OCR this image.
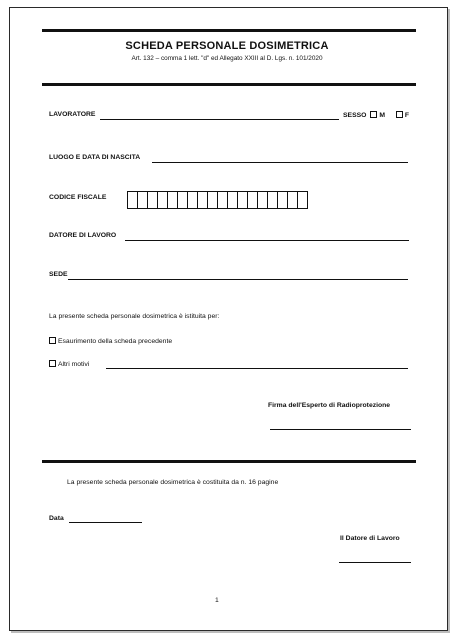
SCHEDA PERSONALE DOSIMETRICA
Art. 132 – comma 1 lett. "d" ed Allegato XXIII al D. Lgs. n. 101/2020
LAVORATORE	SESSO M	F
LUOGO E DATA DI NASCITA
CODICE FISCALE
DATORE DI LAVORO
SEDE
La presente scheda personale dosimetrica è istituita per:
Esaurimento della scheda precedente
Altri motivi
Firma dell'Esperto di Radioprotezione
La presente scheda personale dosimetrica è costituita da n. 16 pagine
Data
Il Datore di Lavoro
1
